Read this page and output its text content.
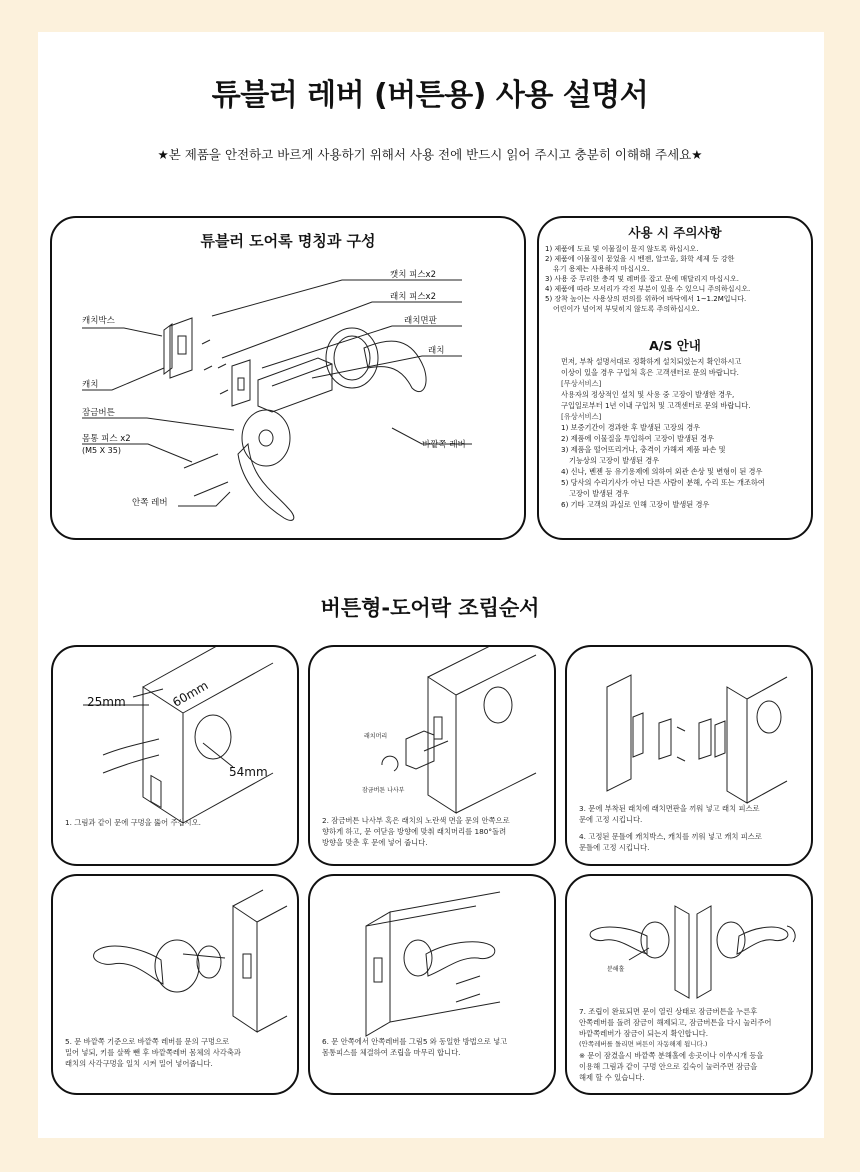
튜블러 레버 (버튼용) 사용 설명서
★본 제품을 안전하고 바르게 사용하기 위해서 사용 전에 반드시 읽어 주시고 충분히 이해해 주세요★
튜블러 도어록 명칭과 구성
캣치 피스x2
래치 피스x2
래치면판
래치
바깥쪽 레버
캐치박스
캐치
잠금버튼
몸통 피스 x2
(M5 X 35)
안쪽 레버
사용 시 주의사항
1) 제품에 도료 및 이물질이 묻지 않도록 하십시오.
2) 제품에 이물질이 묻었을 시 벤젠, 알코올, 화학 세제 등 강한
유기 용제는 사용하지 마십시오.
3) 사용 중 무리한 충격 및 레버를 잡고 문에 매달리지 마십시오.
4) 제품에 따라 모서리가 각진 부분이 있을 수 있으니 주의하십시오.
5) 장착 높이는 사용상의 편의를 위하여 바닥에서 1~1.2M입니다.
어린이가 넘어져 부딪히지 않도록 주의하십시오.
A/S 안내

먼저, 부착 설명서대로 정확하게 설치되었는지 확인하시고

이상이 있을 경우 구입처 혹은 고객센터로 문의 바랍니다.

[무상서비스]

사용자의 정상적인 설치 및 사용 중 고장이 발생한 경우,

구입일로부터 1년 이내 구입처 및 고객센터로 문의 바랍니다.

[유상서비스]

1) 보증기간이 경과한 후 발생된 고장의 경우

2) 제품에 이물질을 투입하여 고장이 발생된 경우

3) 제품을 떨어뜨리거나, 충격이 가해져 제품 파손 및

기능상의 고장이 발생된 경우

4) 신나, 벤젠 등 유기용제에 의하여 외관 손상 및 변형이 된 경우

5) 당사의 수리기사가 아닌 다른 사람이 분해, 수리 또는 개조하여

고장이 발생된 경우

6) 기타 고객의 과실로 인해 고장이 발생된 경우

버튼형-도어락 조립순서
25mm	60mm
54mm

1. 그림과 같이 문에 구멍을 뚫어 주십시오.

래치머리
잠금버튼 나사부

2. 잠금버튼 나사부 혹은 래치의 노란색 면을 문의 안쪽으로

향하게 하고, 문 여닫음 방향에 맞춰 래치머리를 180°돌려

방향을 맞춘 후 문에 넣어 줍니다.

3. 문에 부착된 래치에 래치면판을 끼워 넣고 래치 피스로

문에 고정 시킵니다.

4. 고정된 문틀에 캐치박스, 캐치를 끼워 넣고 캐치 피스로

문틀에 고정 시킵니다.

5. 문 바깥쪽 기준으로 바깥쪽 레버를 문의 구멍으로

밀어 넣되, 키를 살짝 뺀 후 바깥쪽레버 몸체의 사각축과

래치의 사각구멍을 일치 시켜 밀어 넣어줍니다.

6. 문 안쪽에서 안쪽레버를 그림5 와 동일한 방법으로 넣고

몸통피스를 체결하여 조립을 마무리 합니다.

분해홀

7. 조립이 완료되면 문이 열린 상태로 잠금버튼을 누른후

안쪽레버를 돌려 잠금이 해제되고, 잠금버튼을 다시 눌러주어

바깥쪽레버가 잠금이 되는지 확인합니다.

(안쪽레버를 돌리면 버튼이 자동해제 됩니다.)

※ 문이 잠겼을시 바깥쪽 분해홀에 송곳이나 이쑤시개 등을

이용해 그림과 같이 구멍 안으로 깊숙이 눌러주면 잠금을

해제 할 수 있습니다.
